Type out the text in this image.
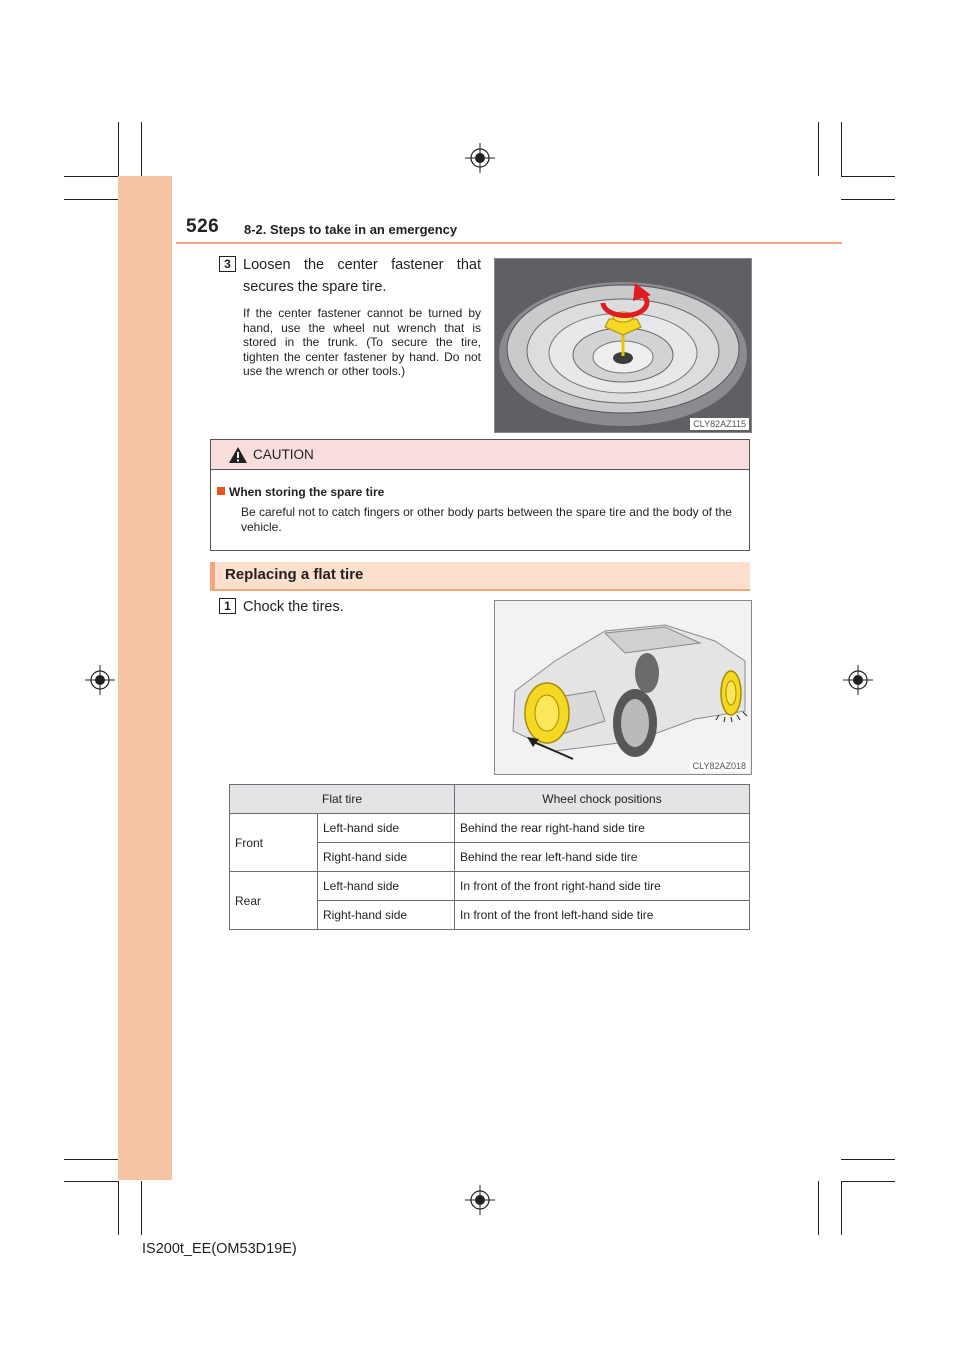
526 8-2. Steps to take in an emergency
3 Loosen the center fastener that secures the spare tire.
If the center fastener cannot be turned by hand, use the wheel nut wrench that is stored in the trunk. (To secure the tire, tighten the center fastener by hand. Do not use the wrench or other tools.)
CLY82AZ115
CAUTION
When storing the spare tire
Be careful not to catch fingers or other body parts between the spare tire and the body of the vehicle.
Replacing a flat tire
1 Chock the tires.
CLY82AZ018
Flat tire		Wheel chock positions
Front	Left-hand side	Behind the rear right-hand side tire
	Right-hand side	Behind the rear left-hand side tire
Rear	Left-hand side	In front of the front right-hand side tire
	Right-hand side	In front of the front left-hand side tire
IS200t_EE(OM53D19E)
